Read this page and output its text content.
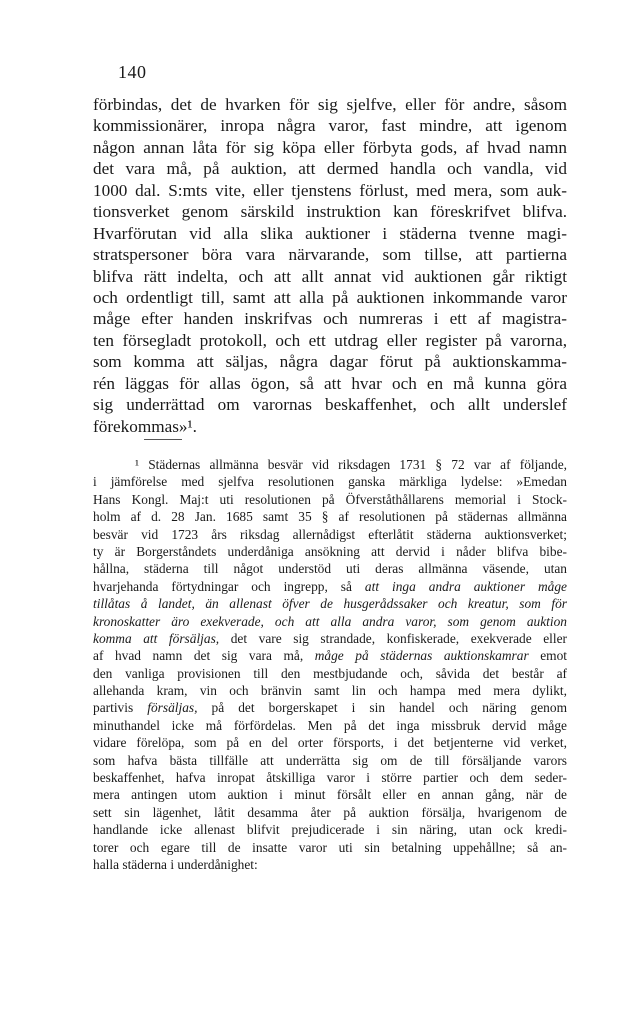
140
förbindas, det de hvarken för sig sjelfve, eller för andre, såsom
kommissionärer, inropa några varor, fast mindre, att igenom
någon annan låta för sig köpa eller förbyta gods, af hvad namn
det vara må, på auktion, att dermed handla och vandla, vid
1000 dal. S:mts vite, eller tjenstens förlust, med mera, som auk-
tionsverket genom särskild instruktion kan föreskrifvet blifva.
Hvarförutan vid alla slika auktioner i städerna tvenne magi-
stratspersoner böra vara närvarande, som tillse, att partierna
blifva rätt indelta, och att allt annat vid auktionen går riktigt
och ordentligt till, samt att alla på auktionen inkommande varor
måge efter handen inskrifvas och numreras i ett af magistra-
ten försegladt protokoll, och ett utdrag eller register på varorna,
som komma att säljas, några dagar förut på auktionskamma-
rén läggas för allas ögon, så att hvar och en må kunna göra
sig underrättad om varornas beskaffenhet, och allt underslef
förekommas»¹.
¹ Städernas allmänna besvär vid riksdagen 1731 § 72 var af följande,
i jämförelse med sjelfva resolutionen ganska märkliga lydelse: »Emedan
Hans Kongl. Maj:t uti resolutionen på Öfverståthållarens memorial i Stock-
holm af d. 28 Jan. 1685 samt 35 § af resolutionen på städernas allmänna
besvär vid 1723 års riksdag allernådigst efterlåtit städerna auktionsverket;
ty är Borgerståndets underdåniga ansökning att dervid i nåder blifva bibe-
hållna, städerna till något understöd uti deras allmänna väsende, utan
hvarjehanda förtydningar och ingrepp, så att inga andra auktioner måge
tillåtas å landet, än allenast öfver de husgerådssaker och kreatur, som för
kronoskatter äro exekverade, och att alla andra varor, som genom auktion
komma att försäljas, det vare sig strandade, konfiskerade, exekverade eller
af hvad namn det sig vara må, måge på städernas auktionskamrar emot
den vanliga provisionen till den mestbjudande och, såvida det består af
allehanda kram, vin och bränvin samt lin och hampa med mera dylikt,
partivis försäljas, på det borgerskapet i sin handel och näring genom
minuthandel icke må förfördelas. Men på det inga missbruk dervid måge
vidare förelöpa, som på en del orter försports, i det betjenterne vid verket,
som hafva bästa tillfälle att underrätta sig om de till försäljande varors
beskaffenhet, hafva inropat åtskilliga varor i större partier och dem seder-
mera antingen utom auktion i minut försålt eller en annan gång, när de
sett sin lägenhet, låtit desamma åter på auktion försälja, hvarigenom de
handlande icke allenast blifvit prejudicerade i sin näring, utan ock kredi-
torer och egare till de insatte varor uti sin betalning uppehållne; så an-
halla städerna i underdånighet:
